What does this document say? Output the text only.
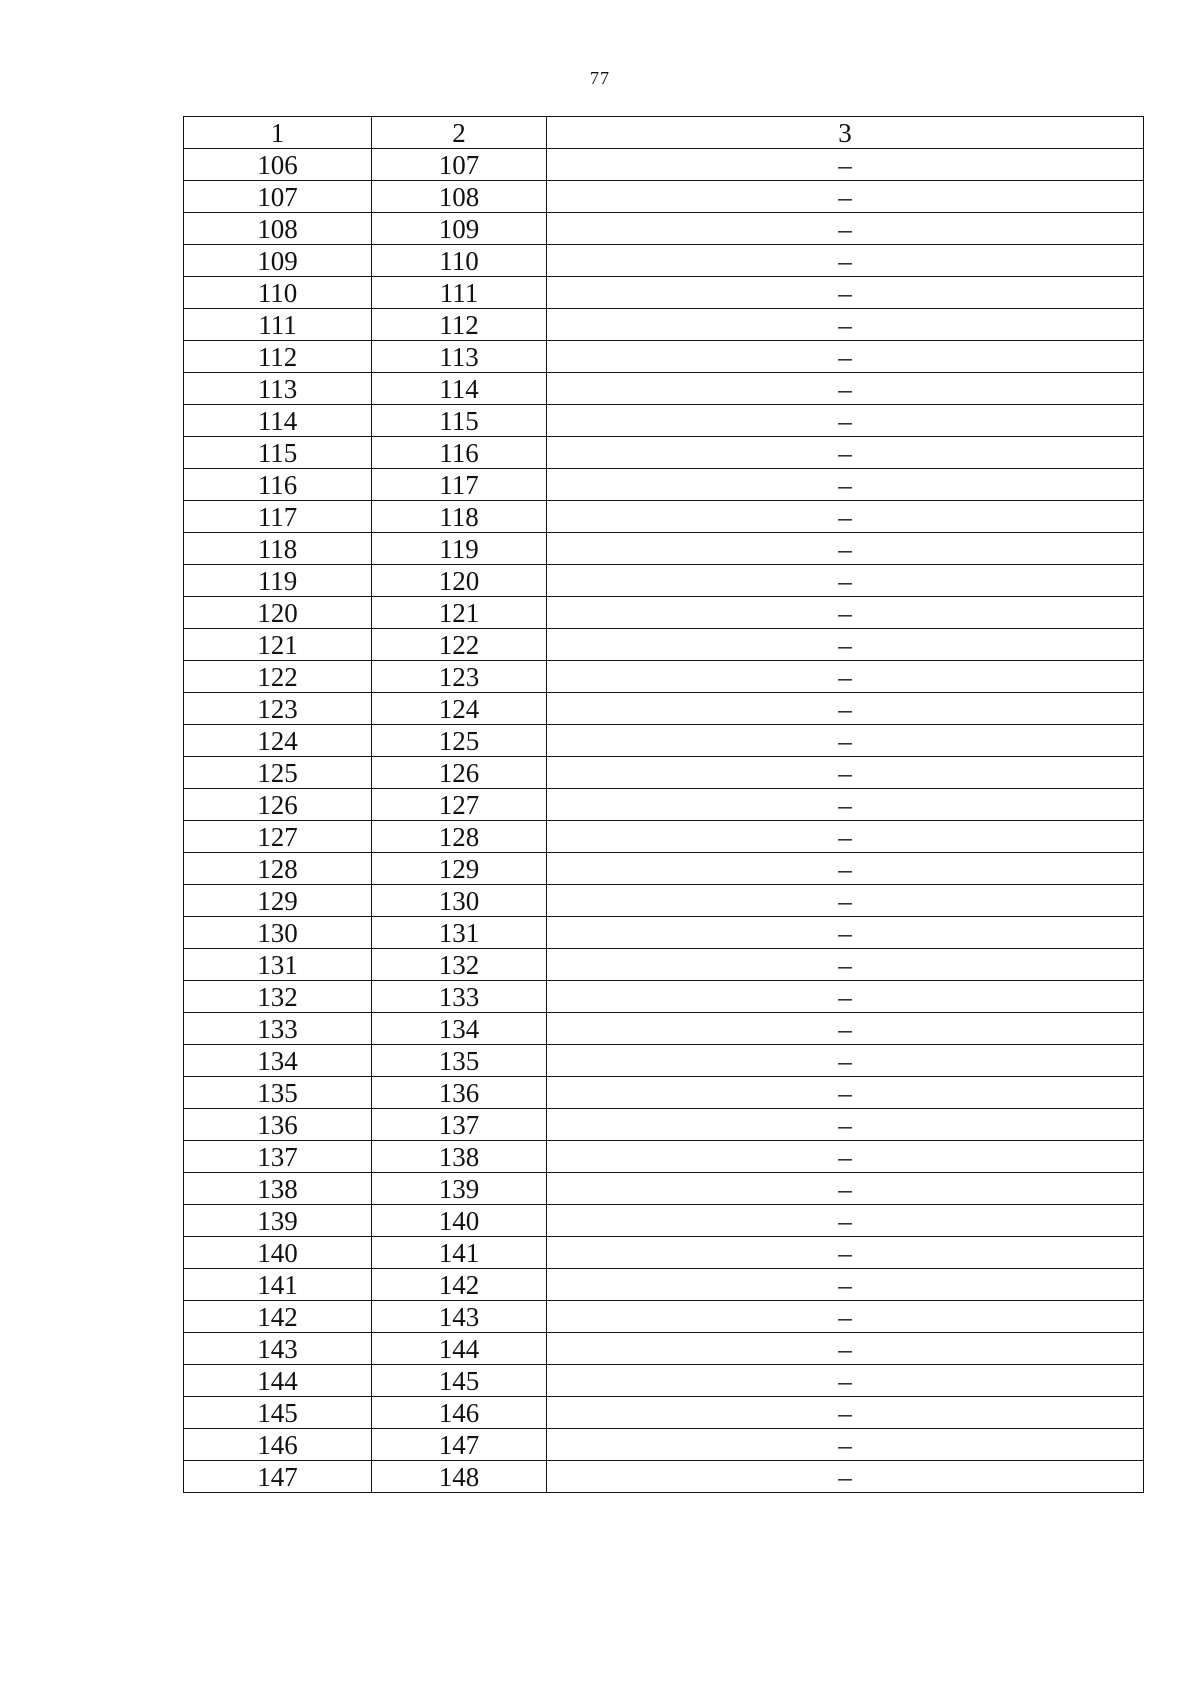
77
1	2	3
106	107	–
107	108	–
108	109	–
109	110	–
110	111	–
111	112	–
112	113	–
113	114	–
114	115	–
115	116	–
116	117	–
117	118	–
118	119	–
119	120	–
120	121	–
121	122	–
122	123	–
123	124	–
124	125	–
125	126	–
126	127	–
127	128	–
128	129	–
129	130	–
130	131	–
131	132	–
132	133	–
133	134	–
134	135	–
135	136	–
136	137	–
137	138	–
138	139	–
139	140	–
140	141	–
141	142	–
142	143	–
143	144	–
144	145	–
145	146	–
146	147	–
147	148	–
